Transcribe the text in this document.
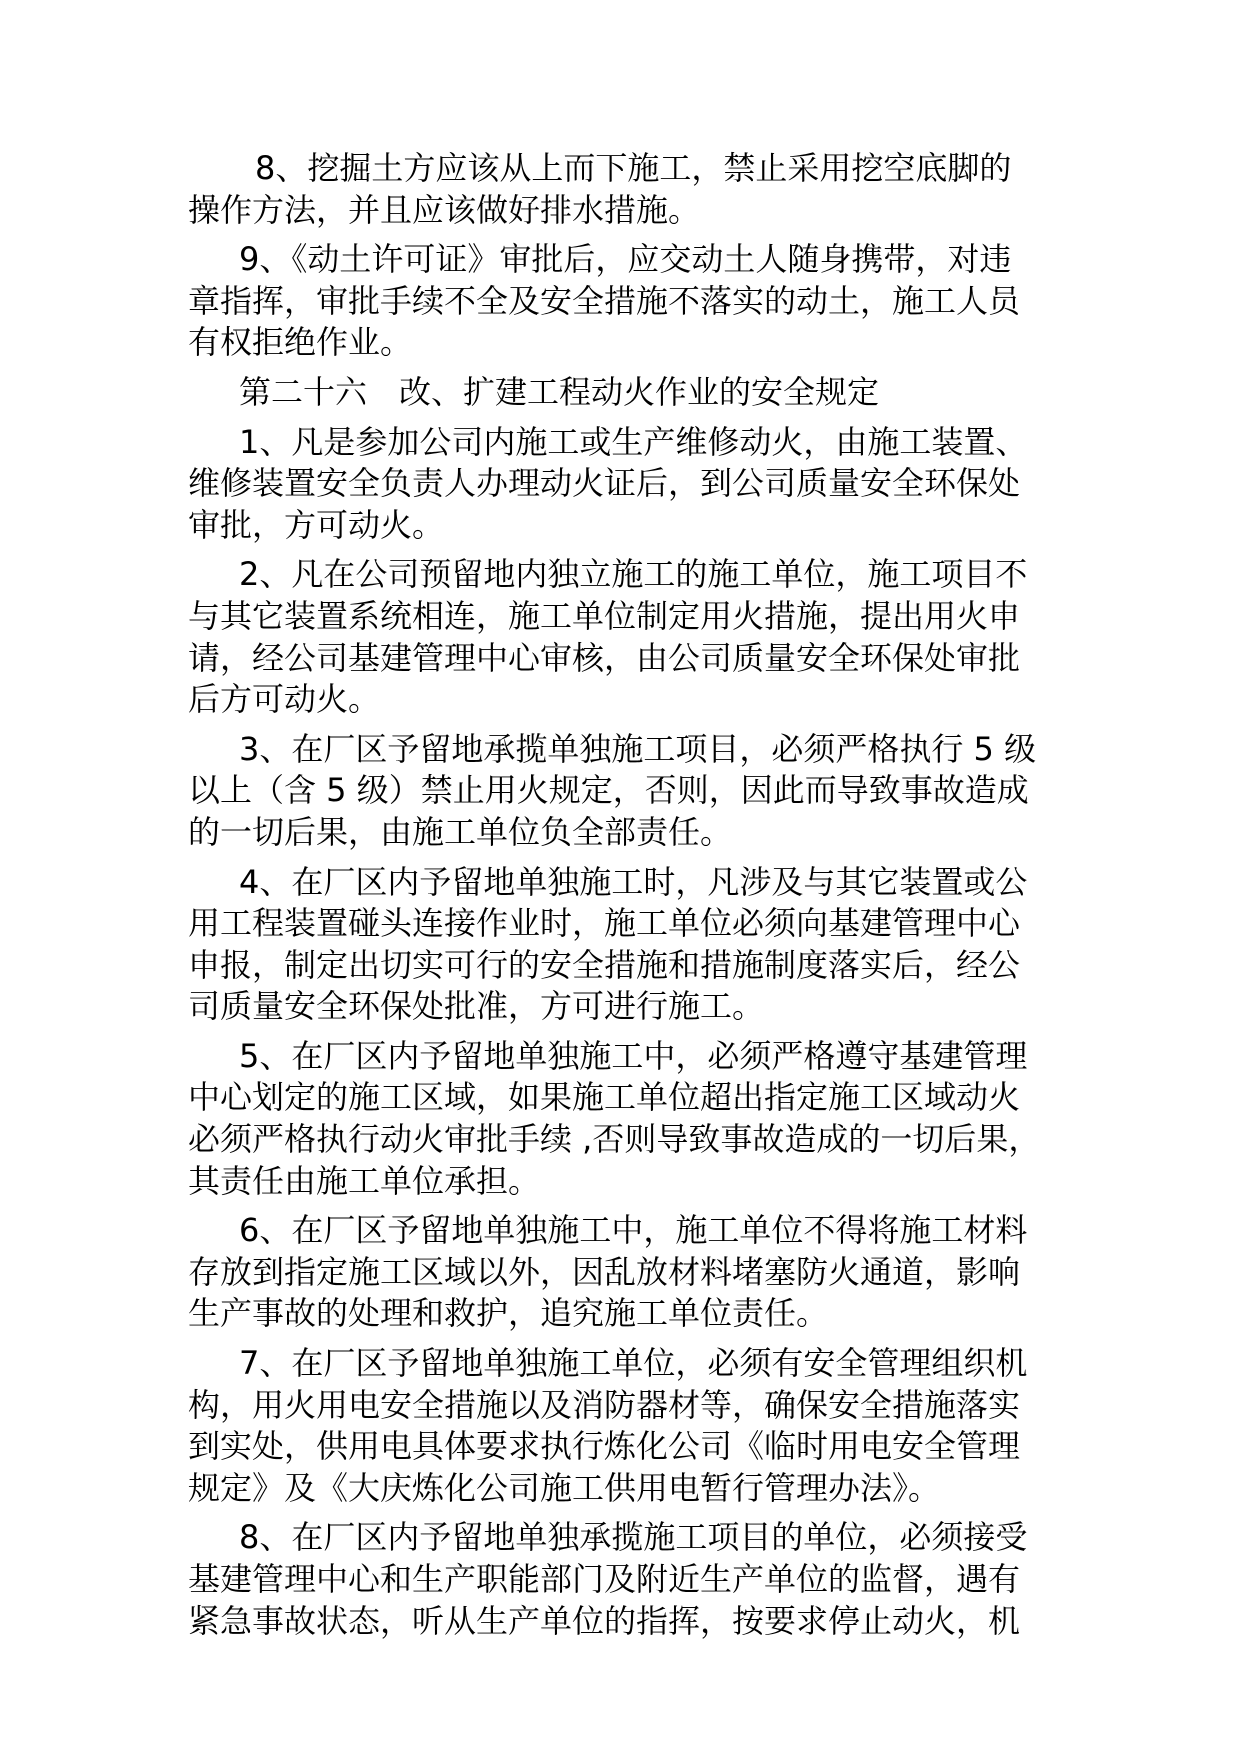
8、挖掘土方应该从上而下施工，禁止采用挖空底脚的
操作方法，并且应该做好排水措施。
9、《动土许可证》审批后，应交动土人随身携带，对违
章指挥，审批手续不全及安全措施不落实的动土，施工人员
有权拒绝作业。
第二十六　改、扩建工程动火作业的安全规定
1、凡是参加公司内施工或生产维修动火，由施工装置、
维修装置安全负责人办理动火证后，到公司质量安全环保处
审批，方可动火。
2、凡在公司预留地内独立施工的施工单位，施工项目不
与其它装置系统相连，施工单位制定用火措施，提出用火申
请，经公司基建管理中心审核，由公司质量安全环保处审批
后方可动火。
3、在厂区予留地承揽单独施工项目，必须严格执行 5 级
以上（含 5 级）禁止用火规定，否则，因此而导致事故造成
的一切后果，由施工单位负全部责任。
4、在厂区内予留地单独施工时，凡涉及与其它装置或公
用工程装置碰头连接作业时，施工单位必须向基建管理中心
申报，制定出切实可行的安全措施和措施制度落实后，经公
司质量安全环保处批准，方可进行施工。
5、在厂区内予留地单独施工中，必须严格遵守基建管理
中心划定的施工区域，如果施工单位超出指定施工区域动火
必须严格执行动火审批手续 ,否则导致事故造成的一切后果，
其责任由施工单位承担。
6、在厂区予留地单独施工中，施工单位不得将施工材料
存放到指定施工区域以外，因乱放材料堵塞防火通道，影响
生产事故的处理和救护，追究施工单位责任。
7、在厂区予留地单独施工单位，必须有安全管理组织机
构，用火用电安全措施以及消防器材等，确保安全措施落实
到实处，供用电具体要求执行炼化公司《临时用电安全管理
规定》及《大庆炼化公司施工供用电暂行管理办法》。
8、在厂区内予留地单独承揽施工项目的单位，必须接受
基建管理中心和生产职能部门及附近生产单位的监督，遇有
紧急事故状态，听从生产单位的指挥，按要求停止动火，机
